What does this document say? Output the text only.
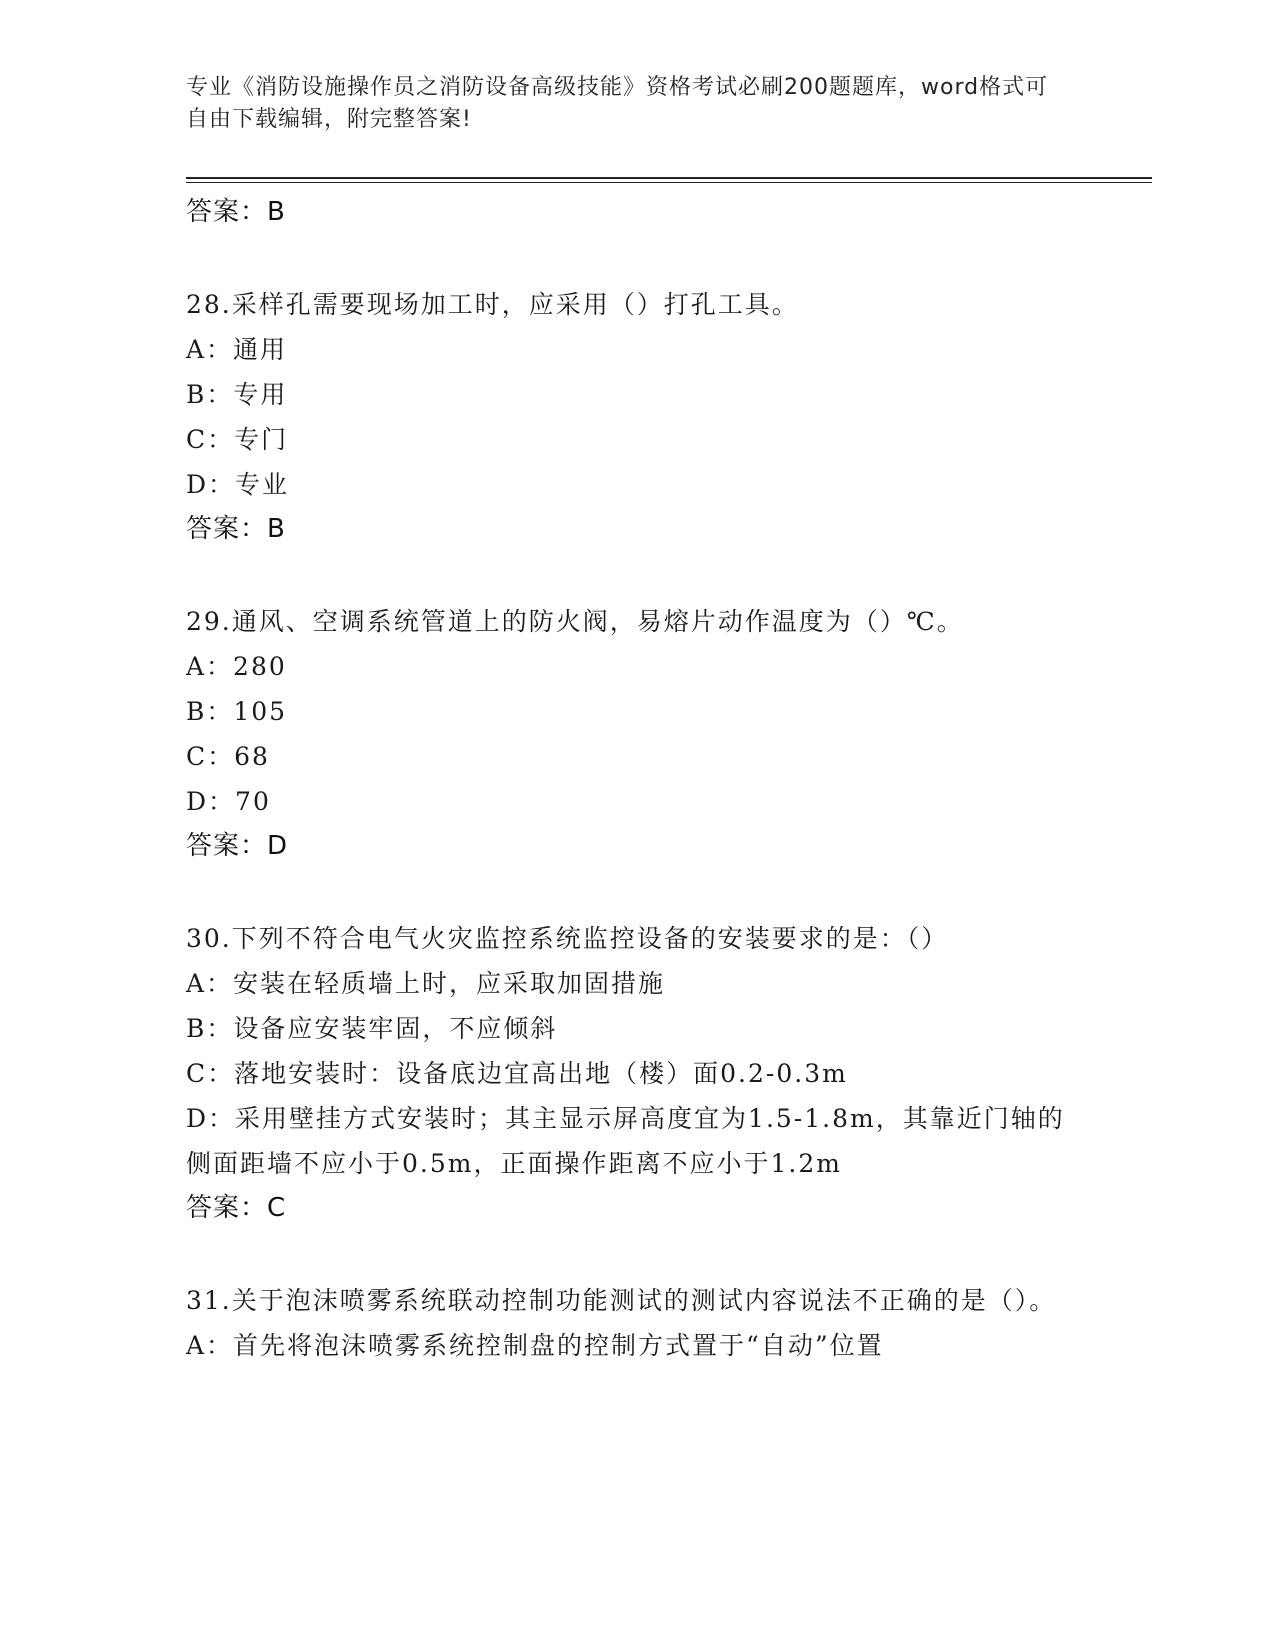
专业《消防设施操作员之消防设备高级技能》资格考试必刷200题题库，word格式可自由下载编辑，附完整答案!
答案：B
28.采样孔需要现场加工时，应采用（）打孔工具。
A：通用
B：专用
C：专门
D：专业
答案：B
29.通风、空调系统管道上的防火阀，易熔片动作温度为（）℃。
A：280
B：105
C：68
D：70
答案：D
30.下列不符合电气火灾监控系统监控设备的安装要求的是：（）
A：安装在轻质墙上时，应采取加固措施
B：设备应安装牢固，不应倾斜
C：落地安装时：设备底边宜高出地（楼）面0.2-0.3m
D：采用壁挂方式安装时；其主显示屏高度宜为1.5-1.8m，其靠近门轴的侧面距墙不应小于0.5m，正面操作距离不应小于1.2m
答案：C
31.关于泡沫喷雾系统联动控制功能测试的测试内容说法不正确的是（）。
A：首先将泡沫喷雾系统控制盘的控制方式置于“自动”位置
